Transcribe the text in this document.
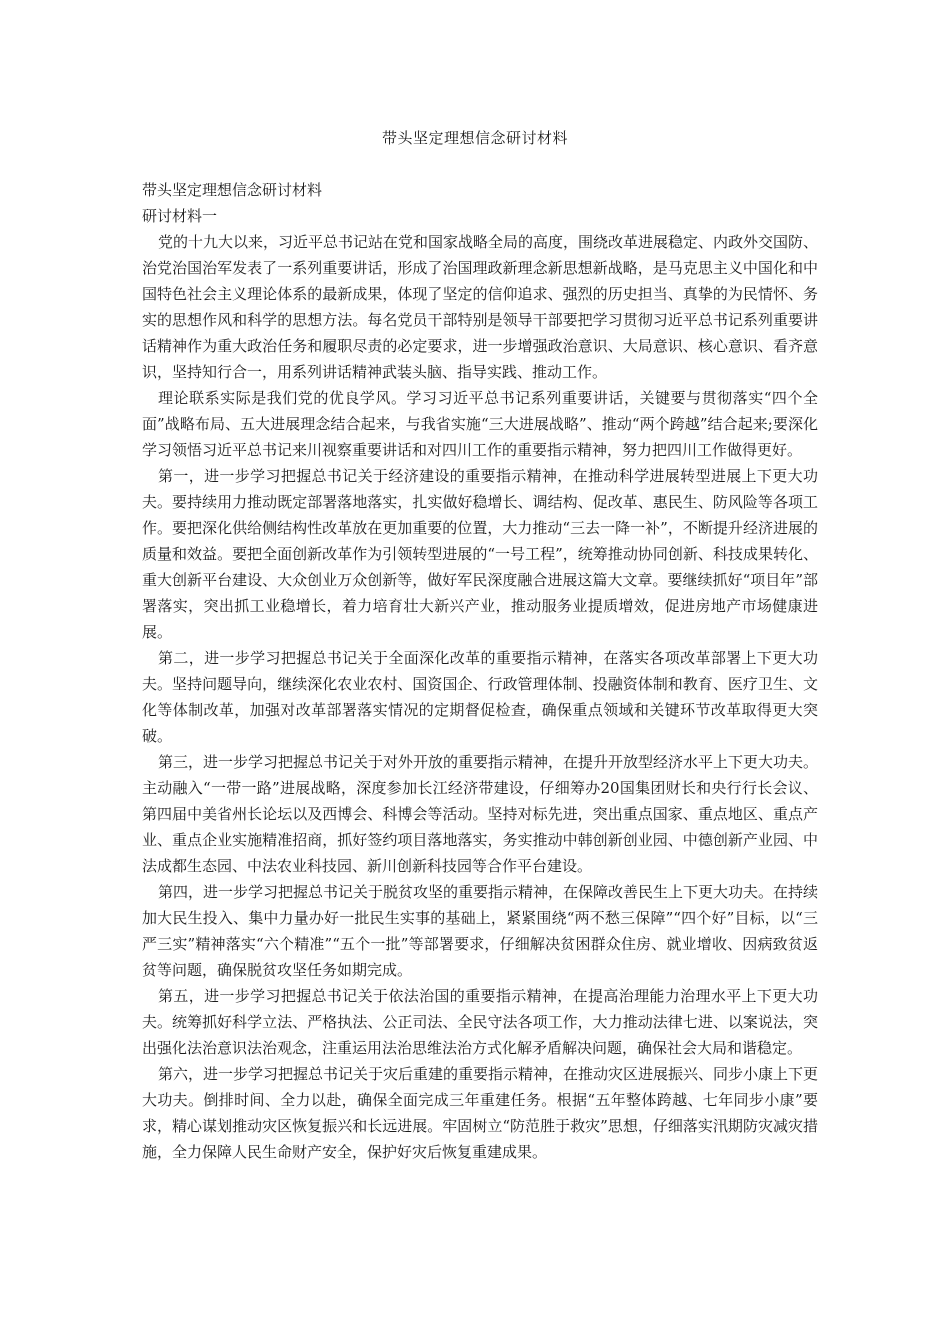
带头坚定理想信念研讨材料

带头坚定理想信念研讨材料

研讨材料一

党的十九大以来，习近平总书记站在党和国家战略全局的高度，围绕改革进展稳定、内政外交国防、治党治国治军发表了一系列重要讲话，形成了治国理政新理念新思想新战略，是马克思主义中国化和中国特色社会主义理论体系的最新成果，体现了坚定的信仰追求、强烈的历史担当、真挚的为民情怀、务实的思想作风和科学的思想方法。每名党员干部特别是领导干部要把学习贯彻习近平总书记系列重要讲话精神作为重大政治任务和履职尽责的必定要求，进一步增强政治意识、大局意识、核心意识、看齐意识，坚持知行合一，用系列讲话精神武装头脑、指导实践、推动工作。

理论联系实际是我们党的优良学风。学习习近平总书记系列重要讲话，关键要与贯彻落实“四个全面”战略布局、五大进展理念结合起来，与我省实施“三大进展战略”、推动“两个跨越”结合起来;要深化学习领悟习近平总书记来川视察重要讲话和对四川工作的重要指示精神，努力把四川工作做得更好。

第一，进一步学习把握总书记关于经济建设的重要指示精神，在推动科学进展转型进展上下更大功夫。要持续用力推动既定部署落地落实，扎实做好稳增长、调结构、促改革、惠民生、防风险等各项工作。要把深化供给侧结构性改革放在更加重要的位置，大力推动“三去一降一补”，不断提升经济进展的质量和效益。要把全面创新改革作为引领转型进展的“一号工程”，统筹推动协同创新、科技成果转化、重大创新平台建设、大众创业万众创新等，做好军民深度融合进展这篇大文章。要继续抓好“项目年”部署落实，突出抓工业稳增长，着力培育壮大新兴产业，推动服务业提质增效，促进房地产市场健康进展。

第二，进一步学习把握总书记关于全面深化改革的重要指示精神，在落实各项改革部署上下更大功夫。坚持问题导向，继续深化农业农村、国资国企、行政管理体制、投融资体制和教育、医疗卫生、文化等体制改革，加强对改革部署落实情况的定期督促检查，确保重点领域和关键环节改革取得更大突破。

第三，进一步学习把握总书记关于对外开放的重要指示精神，在提升开放型经济水平上下更大功夫。主动融入“一带一路”进展战略，深度参加长江经济带建设，仔细筹办20国集团财长和央行行长会议、第四届中美省州长论坛以及西博会、科博会等活动。坚持对标先进，突出重点国家、重点地区、重点产业、重点企业实施精准招商，抓好签约项目落地落实，务实推动中韩创新创业园、中德创新产业园、中法成都生态园、中法农业科技园、新川创新科技园等合作平台建设。

第四，进一步学习把握总书记关于脱贫攻坚的重要指示精神，在保障改善民生上下更大功夫。在持续加大民生投入、集中力量办好一批民生实事的基础上，紧紧围绕“两不愁三保障”“四个好”目标，以“三严三实”精神落实“六个精准”“五个一批”等部署要求，仔细解决贫困群众住房、就业增收、因病致贫返贫等问题，确保脱贫攻坚任务如期完成。

第五，进一步学习把握总书记关于依法治国的重要指示精神，在提高治理能力治理水平上下更大功夫。统筹抓好科学立法、严格执法、公正司法、全民守法各项工作，大力推动法律七进、以案说法，突出强化法治意识法治观念，注重运用法治思维法治方式化解矛盾解决问题，确保社会大局和谐稳定。

第六，进一步学习把握总书记关于灾后重建的重要指示精神，在推动灾区进展振兴、同步小康上下更大功夫。倒排时间、全力以赴，确保全面完成三年重建任务。根据“五年整体跨越、七年同步小康”要求，精心谋划推动灾区恢复振兴和长远进展。牢固树立“防范胜于救灾”思想，仔细落实汛期防灾减灾措施，全力保障人民生命财产安全，保护好灾后恢复重建成果。
